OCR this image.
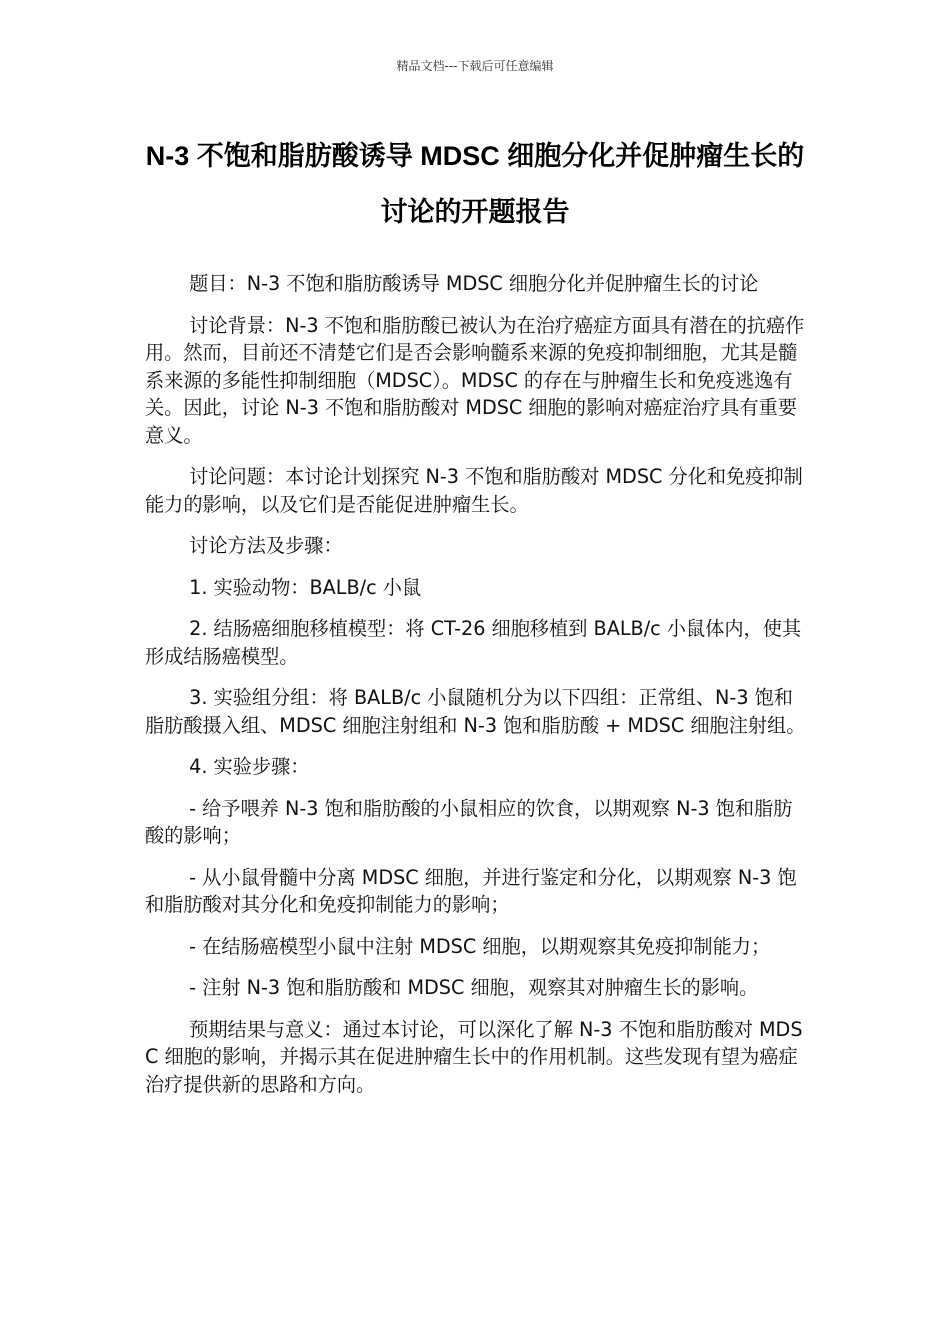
精品文档---下载后可任意编辑
N-3 不饱和脂肪酸诱导 MDSC 细胞分化并促肿瘤生长的讨论的开题报告

题目：N-3 不饱和脂肪酸诱导 MDSC 细胞分化并促肿瘤生长的讨论

讨论背景：N-3 不饱和脂肪酸已被认为在治疗癌症方面具有潜在的抗癌作用。然而，目前还不清楚它们是否会影响髓系来源的免疫抑制细胞，尤其是髓系来源的多能性抑制细胞（MDSC）。MDSC 的存在与肿瘤生长和免疫逃逸有关。因此，讨论 N-3 不饱和脂肪酸对 MDSC 细胞的影响对癌症治疗具有重要意义。

讨论问题：本讨论计划探究 N-3 不饱和脂肪酸对 MDSC 分化和免疫抑制能力的影响，以及它们是否能促进肿瘤生长。

讨论方法及步骤：

1. 实验动物：BALB/c 小鼠

2. 结肠癌细胞移植模型：将 CT-26 细胞移植到 BALB/c 小鼠体内，使其形成结肠癌模型。

3. 实验组分组：将 BALB/c 小鼠随机分为以下四组：正常组、N-3 饱和脂肪酸摄入组、MDSC 细胞注射组和 N-3 饱和脂肪酸 + MDSC 细胞注射组。

4. 实验步骤：

- 给予喂养 N-3 饱和脂肪酸的小鼠相应的饮食，以期观察 N-3 饱和脂肪酸的影响；

- 从小鼠骨髓中分离 MDSC 细胞，并进行鉴定和分化，以期观察 N-3 饱和脂肪酸对其分化和免疫抑制能力的影响；

- 在结肠癌模型小鼠中注射 MDSC 细胞，以期观察其免疫抑制能力；

- 注射 N-3 饱和脂肪酸和 MDSC 细胞，观察其对肿瘤生长的影响。

预期结果与意义：通过本讨论，可以深化了解 N-3 不饱和脂肪酸对 MDSC 细胞的影响，并揭示其在促进肿瘤生长中的作用机制。这些发现有望为癌症治疗提供新的思路和方向。
